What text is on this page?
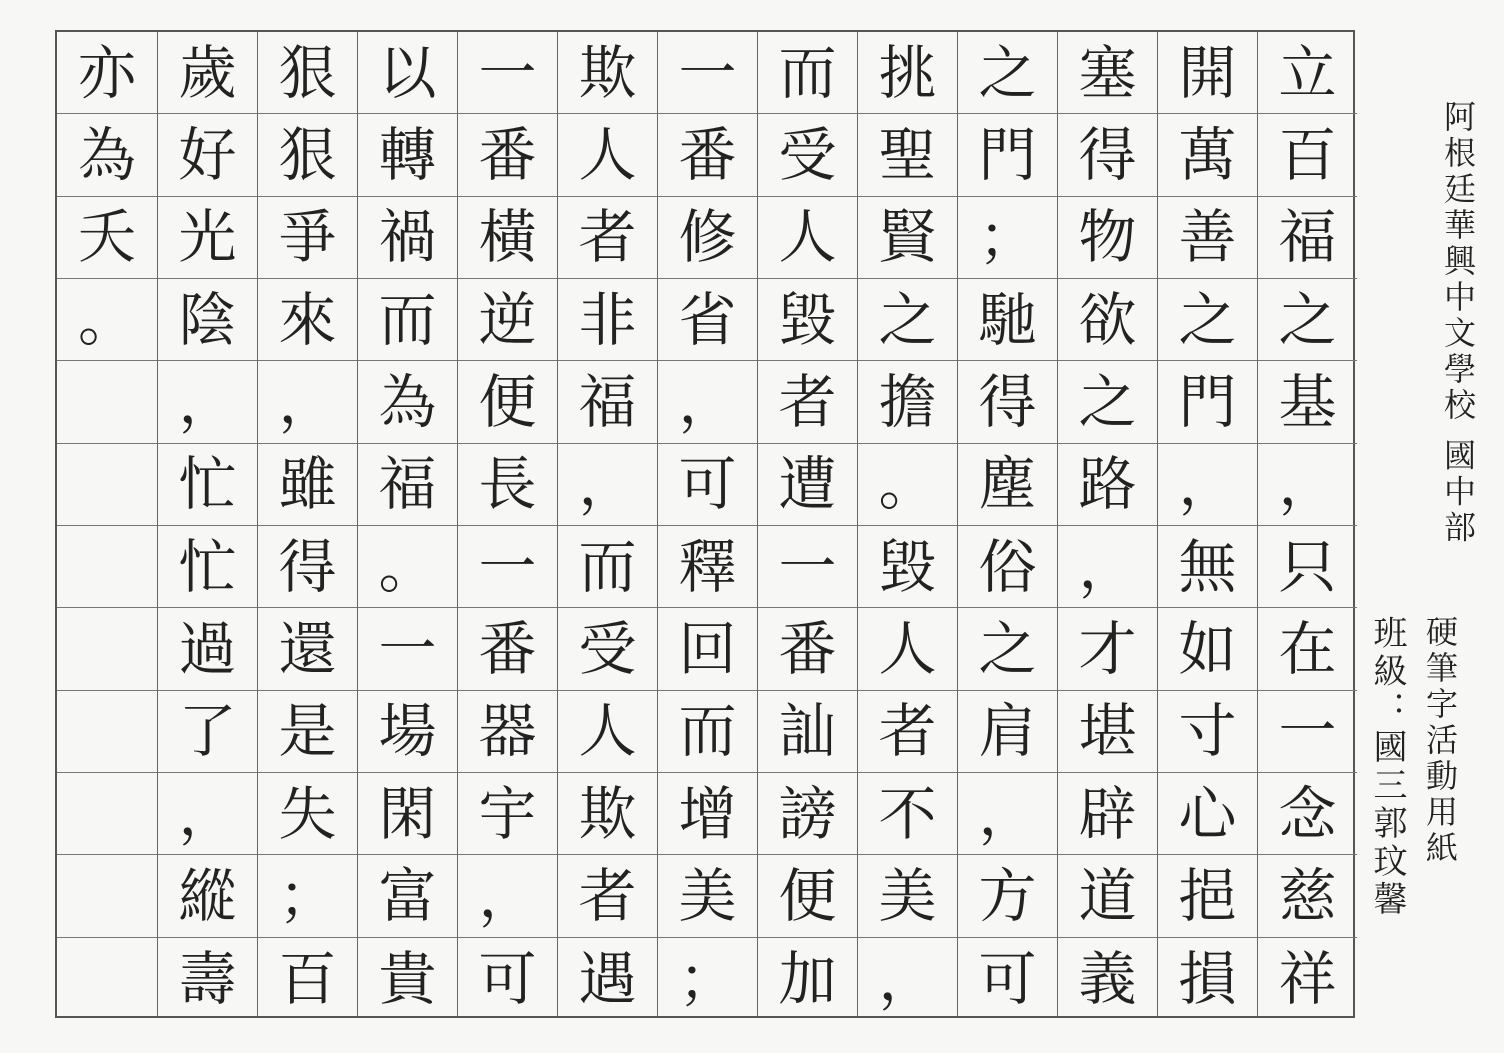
立
百
福
之
基
，
只
在
一
念
慈
祥
開
萬
善
之
門
，
無
如
寸
心
挹
損
塞
得
物
欲
之
路
，
才
堪
辟
道
義
之
門
；
馳
得
塵
俗
之
肩
，
方
可
挑
聖
賢
之
擔
。
毀
人
者
不
美
，
而
受
人
毀
者
遭
一
番
訕
謗
便
加
一
番
修
省
，
可
釋
回
而
增
美
；
欺
人
者
非
福
，
而
受
人
欺
者
遇
一
番
橫
逆
便
長
一
番
器
宇
，
可
以
轉
禍
而
為
福
。
一
場
閑
富
貴
狠
狠
爭
來
，
雖
得
還
是
失
；
百
歲
好
光
陰
，
忙
忙
過
了
，
縱
壽
亦
為
夭
。	阿根廷華興中文學校 國中部
硬筆字活動用紙
班級：國三郭玟馨
